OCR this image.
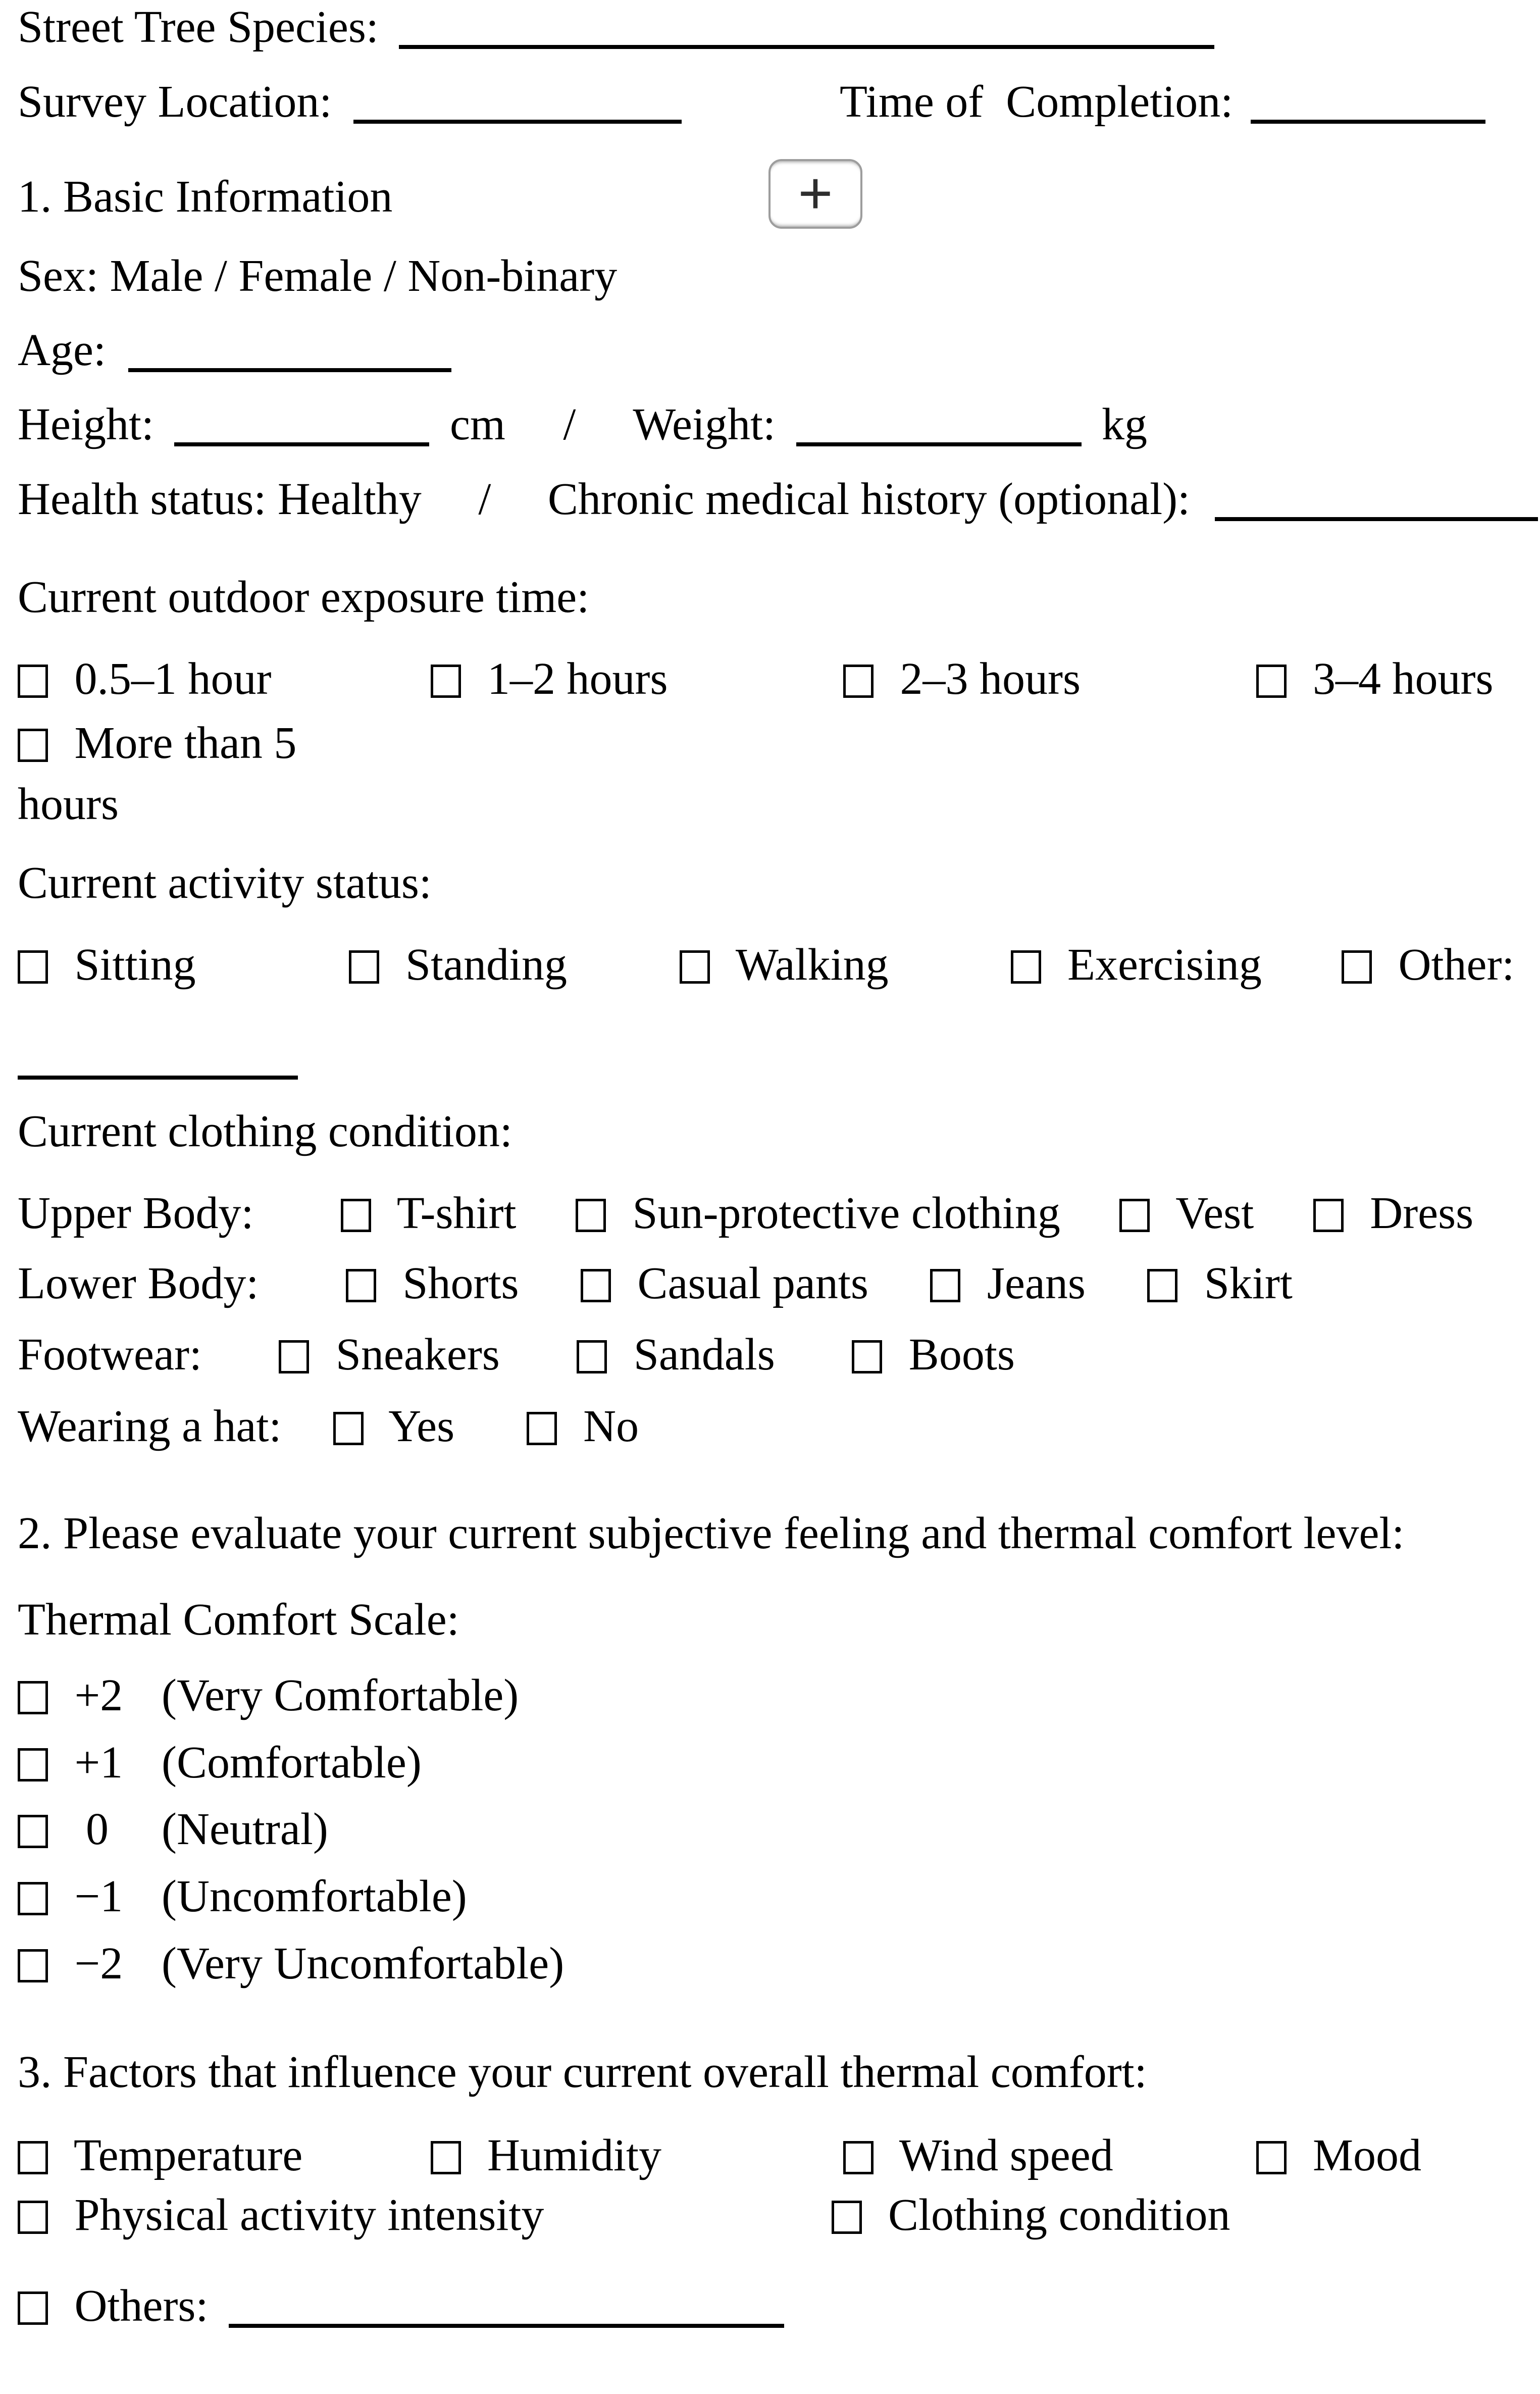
Street Tree Species:
Survey Location:	Time of  Completion:
+
1. Basic Information
Sex: Male / Female / Non-binary
Age:
Height:	cm / Weight:	kg
Health status: Healthy / Chronic medical history (optional):
Current outdoor exposure time:
0.5–1 hour	1–2 hours	2–3 hours	3–4 hours
More than 5
hours
Current activity status:
Sitting	Standing	Walking	Exercising	Other:
Current clothing condition:
Upper Body:	T-shirt	Sun-protective clothing	Vest	Dress
Lower Body:	Shorts	Casual pants	Jeans	Skirt
Footwear:	Sneakers	Sandals	Boots
Wearing a hat: Yes	No
2. Please evaluate your current subjective feeling and thermal comfort level:
Thermal Comfort Scale:
+2 (Very Comfortable)
+1 (Comfortable)
0 (Neutral)
−1 (Uncomfortable)
−2 (Very Uncomfortable)
3. Factors that influence your current overall thermal comfort:
Temperature	Humidity	Wind speed	Mood
Physical activity intensity	Clothing condition
Others:
